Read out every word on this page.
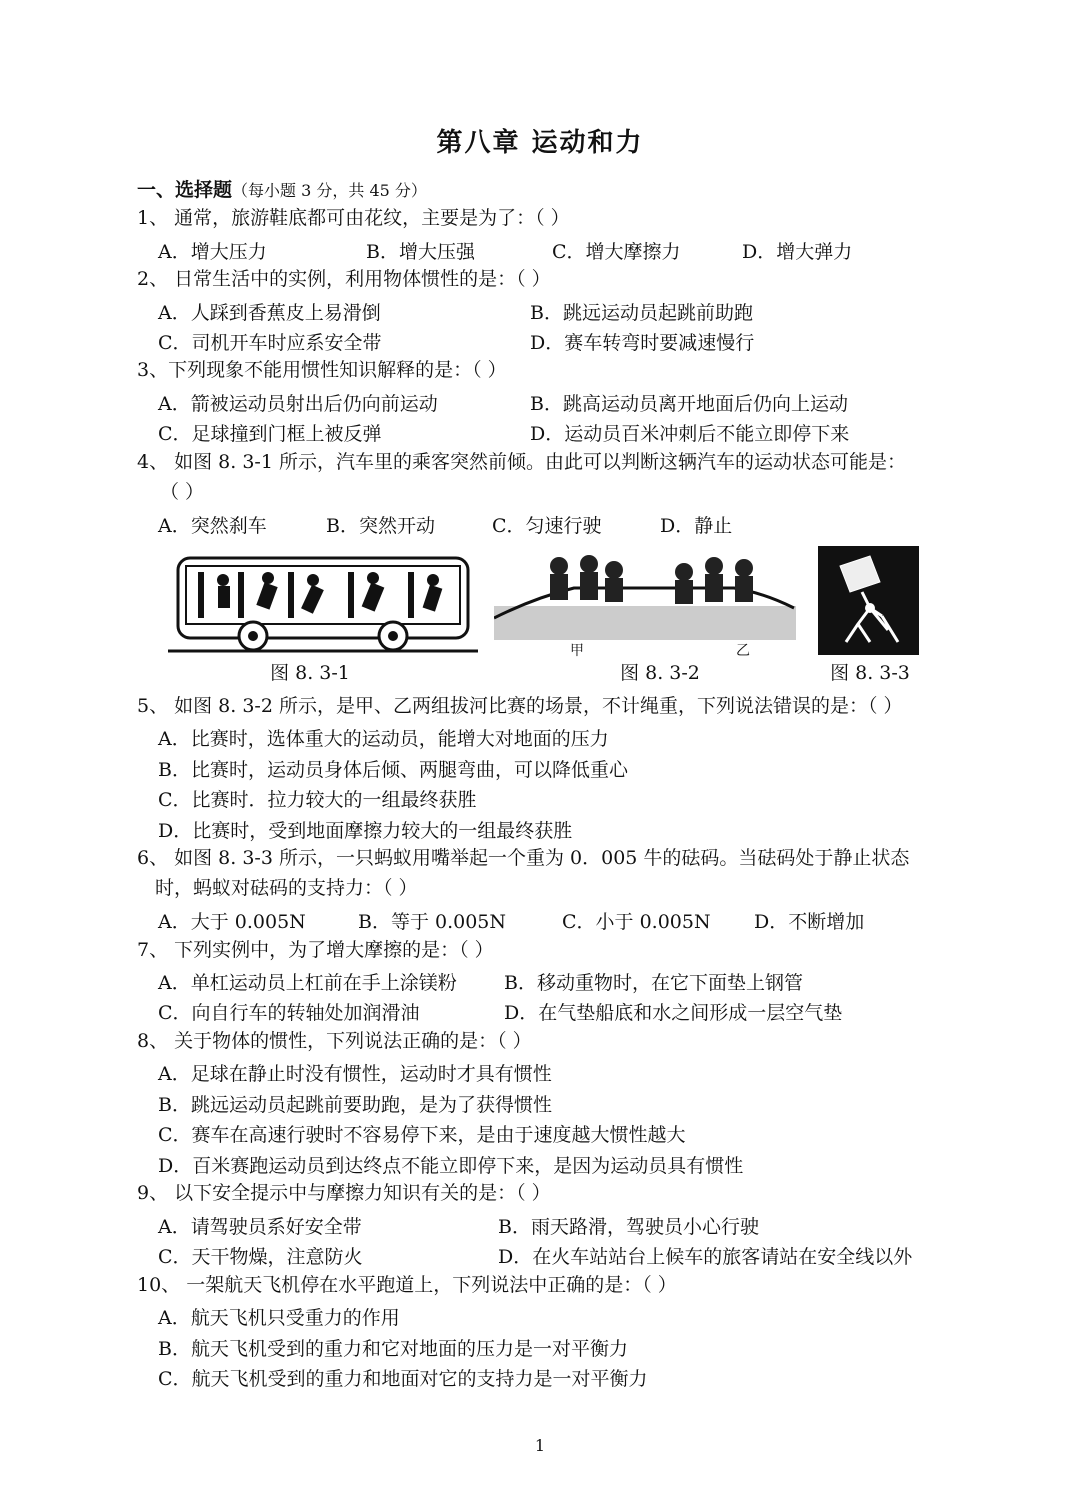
第八章 运动和力
一、选择题（每小题 3 分，共 45 分）
1、 通常，旅游鞋底都可由花纹，主要是为了：（ ）
A．增大压力	B．增大压强	C．增大摩擦力	D．增大弹力
2、 日常生活中的实例，利用物体惯性的是：（ ）
A．人踩到香蕉皮上易滑倒	B．跳远运动员起跳前助跑
C．司机开车时应系安全带	D．赛车转弯时要减速慢行
3、下列现象不能用惯性知识解释的是：（ ）
A．箭被运动员射出后仍向前运动	B．跳高运动员离开地面后仍向上运动
C．足球撞到门框上被反弹	D．运动员百米冲刺后不能立即停下来
4、 如图 8. 3-1 所示，汽车里的乘客突然前倾。由此可以判断这辆汽车的运动状态可能是：
（ ）
A．突然刹车	B．突然开动	C．匀速行驶	D．静止
图 8. 3-1
甲	乙
图 8. 3-2	图 8. 3-3
5、 如图 8. 3-2 所示，是甲、乙两组拔河比赛的场景，不计绳重，下列说法错误的是：（ ）
A．比赛时，选体重大的运动员，能增大对地面的压力
B．比赛时，运动员身体后倾、两腿弯曲，可以降低重心
C．比赛时．拉力较大的一组最终获胜
D．比赛时，受到地面摩擦力较大的一组最终获胜
6、 如图 8. 3-3 所示，一只蚂蚁用嘴举起一个重为 0．005 牛的砝码。当砝码处于静止状态
时，蚂蚁对砝码的支持力：（ ）
A．大于 0.005N	B．等于 0.005N	C．小于 0.005N D．不断增加
7、 下列实例中，为了增大摩擦的是：（ ）
A．单杠运动员上杠前在手上涂镁粉 B．移动重物时，在它下面垫上钢管
C．向自行车的转轴处加润滑油	D．在气垫船底和水之间形成一层空气垫
8、 关于物体的惯性，下列说法正确的是：（ ）
A．足球在静止时没有惯性，运动时才具有惯性
B．跳远运动员起跳前要助跑，是为了获得惯性
C．赛车在高速行驶时不容易停下来，是由于速度越大惯性越大
D．百米赛跑运动员到达终点不能立即停下来，是因为运动员具有惯性
9、 以下安全提示中与摩擦力知识有关的是：（ ）
A．请驾驶员系好安全带	B．雨天路滑，驾驶员小心行驶
C．天干物燥，注意防火	D．在火车站站台上候车的旅客请站在安全线以外
10、 一架航天飞机停在水平跑道上，下列说法中正确的是：（ ）
A．航天飞机只受重力的作用
B．航天飞机受到的重力和它对地面的压力是一对平衡力
C．航天飞机受到的重力和地面对它的支持力是一对平衡力
1
